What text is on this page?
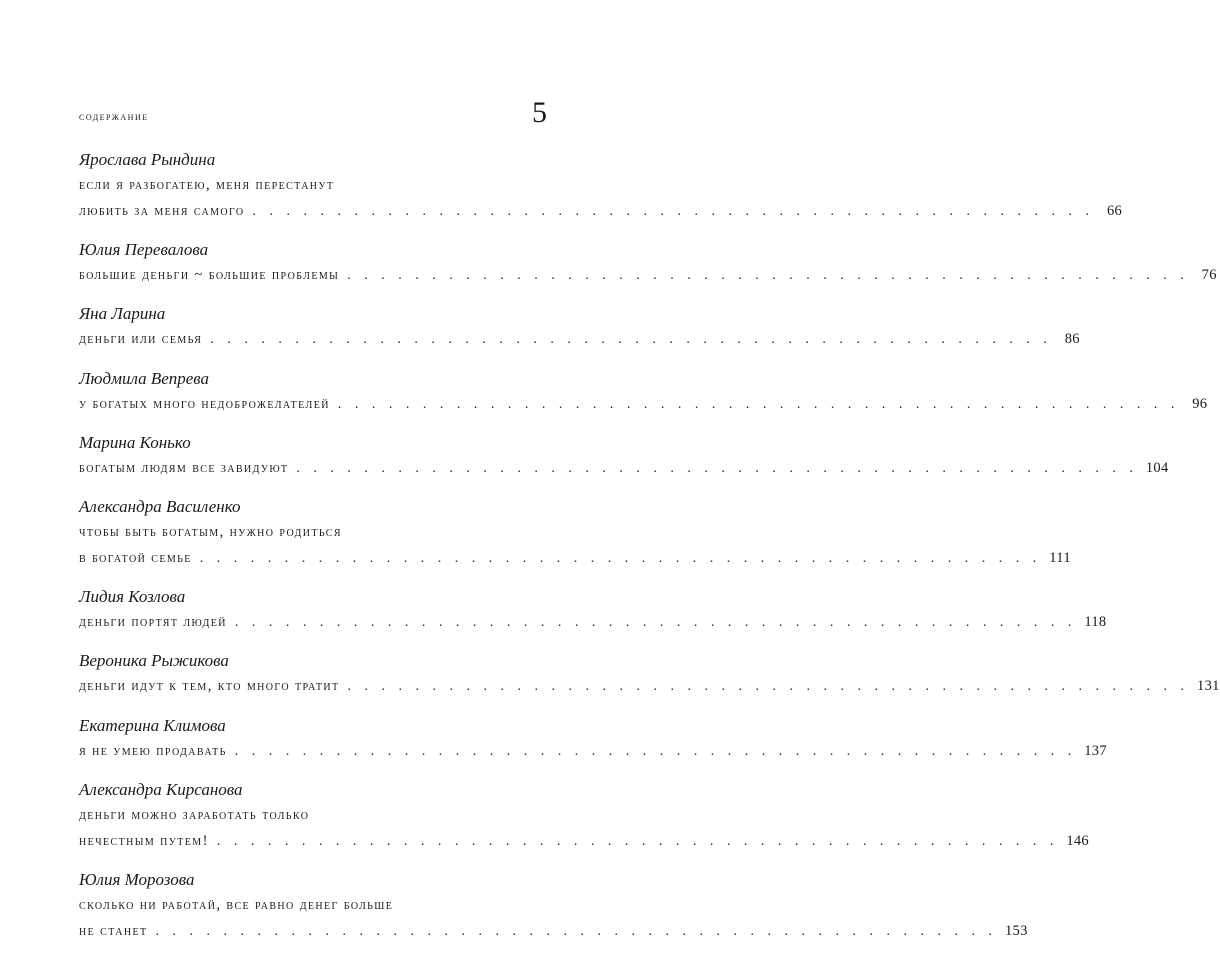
содержание	5
Ярослава Рындина
если я разбогатею, меня перестанут
любить за меня самого . . . . . . . . . . . . . . . . . . . . . . . . . . . . . . . . . . . . . . . . . . . . . . . . . . 66
Юлия Перевалова
большие деньги ~ большие проблемы . . . . . . . . . . . . . . . . . . . . . . . . . . . . . . . . . . . . . . . . . . . . . . . . . . 76
Яна Ларина
деньги или семья . . . . . . . . . . . . . . . . . . . . . . . . . . . . . . . . . . . . . . . . . . . . . . . . . . 86
Людмила Вепрева
у богатых много недоброжелателей . . . . . . . . . . . . . . . . . . . . . . . . . . . . . . . . . . . . . . . . . . . . . . . . . . 96
Марина Конько
богатым людям все завидуют . . . . . . . . . . . . . . . . . . . . . . . . . . . . . . . . . . . . . . . . . . . . . . . . . . 104
Александра Василенко
чтобы быть богатым, нужно родиться
в богатой семье . . . . . . . . . . . . . . . . . . . . . . . . . . . . . . . . . . . . . . . . . . . . . . . . . . 111
Лидия Козлова
деньги портят людей . . . . . . . . . . . . . . . . . . . . . . . . . . . . . . . . . . . . . . . . . . . . . . . . . . 118
Вероника Рыжикова
деньги идут к тем, кто много тратит . . . . . . . . . . . . . . . . . . . . . . . . . . . . . . . . . . . . . . . . . . . . . . . . . . 131
Екатерина Климова
я не умею продавать . . . . . . . . . . . . . . . . . . . . . . . . . . . . . . . . . . . . . . . . . . . . . . . . . . 137
Александра Кирсанова
деньги можно заработать только
нечестным путем! . . . . . . . . . . . . . . . . . . . . . . . . . . . . . . . . . . . . . . . . . . . . . . . . . . 146
Юлия Морозова
сколько ни работай, все равно денег больше
не станет . . . . . . . . . . . . . . . . . . . . . . . . . . . . . . . . . . . . . . . . . . . . . . . . . . 153
